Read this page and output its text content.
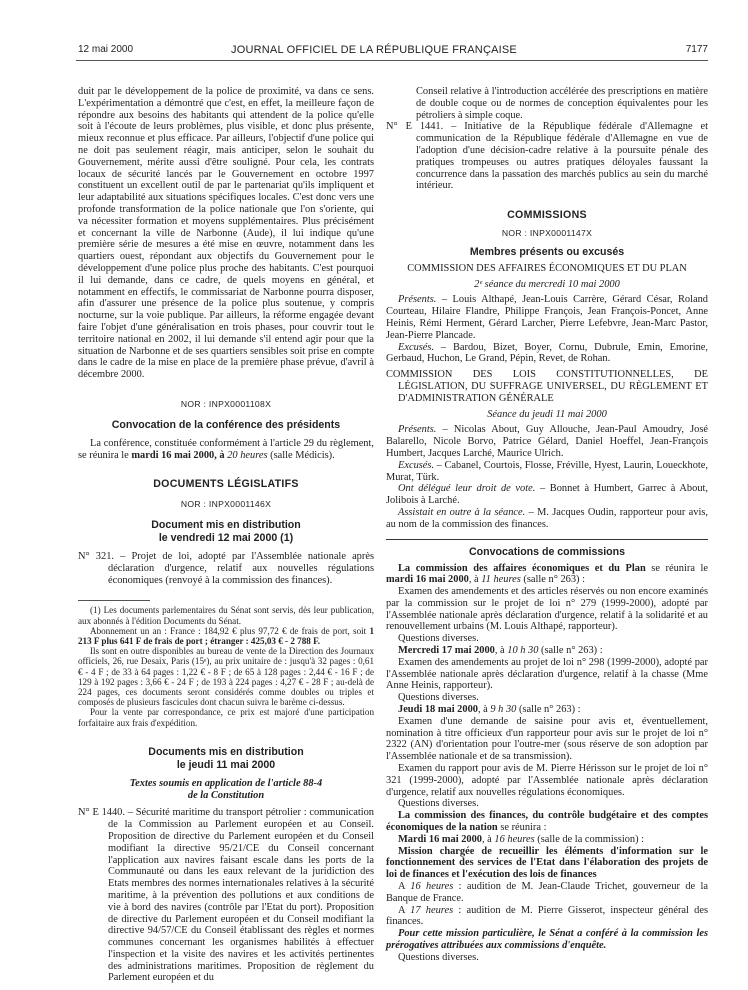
12 mai 2000	JOURNAL OFFICIEL DE LA RÉPUBLIQUE FRANÇAISE	7177

duit par le développement de la police de proximité, va dans ce sens. L'expérimentation a démontré que c'est, en effet, la meilleure façon de répondre aux besoins des habitants qui attendent de la police qu'elle soit à l'écoute de leurs problèmes, plus visible, et donc plus présente, mieux reconnue et plus efficace. Par ailleurs, l'objectif d'une police qui ne doit pas seulement réagir, mais anticiper, selon le souhait du Gouvernement, mérite aussi d'être souligné. Pour cela, les contrats locaux de sécurité lancés par le Gouvernement en octobre 1997 constituent un excellent outil de par le partenariat qu'ils impliquent et leur adaptabilité aux situations spécifiques locales. C'est donc vers une profonde transformation de la police nationale que l'on s'oriente, qui va nécessiter formation et moyens supplémentaires. Plus précisément et concernant la ville de Narbonne (Aude), il lui indique qu'une première série de mesures a été mise en œuvre, notamment dans les quartiers ouest, répondant aux objectifs du Gouvernement pour le développement d'une police plus proche des habitants. C'est pourquoi il lui demande, dans ce cadre, de quels moyens en général, et notamment en effectifs, le commissariat de Narbonne pourra disposer, afin d'assurer une présence de la police plus soutenue, y compris nocturne, sur la voie publique. Par ailleurs, la réforme engagée devant faire l'objet d'une généralisation en trois phases, pour couvrir tout le territoire national en 2002, il lui demande s'il entend agir pour que la situation de Narbonne et de ses quartiers sensibles soit prise en compte dans le cadre de la mise en place de la première phase prévue, d'avril à décembre 2000.

NOR : INPX0001108X

Convocation de la conférence des présidents

La conférence, constituée conformément à l'article 29 du règlement, se réunira le mardi 16 mai 2000, à 20 heures (salle Médicis).

DOCUMENTS LÉGISLATIFS

NOR : INPX0001146X

Document mis en distribution
le vendredi 12 mai 2000 (1)

N° 321. – Projet de loi, adopté par l'Assemblée nationale après déclaration d'urgence, relatif aux nouvelles régulations économiques (renvoyé à la commission des finances).

(1) Les documents parlementaires du Sénat sont servis, dès leur publication, aux abonnés à l'édition Documents du Sénat.

Abonnement un an : France : 184,92 € plus 97,72 € de frais de port, soit 1 213 F plus 641 F de frais de port ; étranger : 425,03 € - 2 788 F.

Ils sont en outre disponibles au bureau de vente de la Direction des Journaux officiels, 26, rue Desaix, Paris (15ᵉ), au prix unitaire de : jusqu'à 32 pages : 0,61 € - 4 F ; de 33 à 64 pages : 1,22 € - 8 F ; de 65 à 128 pages : 2,44 € - 16 F ; de 129 à 192 pages : 3,66 € - 24 F ; de 193 à 224 pages : 4,27 € - 28 F ; au-delà de 224 pages, ces documents seront considérés comme doubles ou triples et composés de plusieurs fascicules dont chacun suivra le barème ci-dessus.

Pour la vente par correspondance, ce prix est majoré d'une participation forfaitaire aux frais d'expédition.

Documents mis en distribution
le jeudi 11 mai 2000

Textes soumis en application de l'article 88-4
de la Constitution

N° E 1440. – Sécurité maritime du transport pétrolier : communication de la Commission au Parlement européen et au Conseil. Proposition de directive du Parlement européen et du Conseil modifiant la directive 95/21/CE du Conseil concernant l'application aux navires faisant escale dans les ports de la Communauté ou dans les eaux relevant de la juridiction des Etats membres des normes internationales relatives à la sécurité maritime, à la prévention des pollutions et aux conditions de vie à bord des navires (contrôle par l'Etat du port). Proposition de directive du Parlement européen et du Conseil modifiant la directive 94/57/CE du Conseil établissant des règles et normes communes concernant les organismes habilités à effectuer l'inspection et la visite des navires et les activités pertinentes des administrations maritimes. Proposition de règlement du Parlement européen et du

Conseil relative à l'introduction accélérée des prescriptions en matière de double coque ou de normes de conception équivalentes pour les pétroliers à simple coque.

N° E 1441. – Initiative de la République fédérale d'Allemagne et communication de la République fédérale d'Allemagne en vue de l'adoption d'une décision-cadre relative à la poursuite pénale des pratiques trompeuses ou autres pratiques déloyales faussant la concurrence dans la passation des marchés publics au sein du marché intérieur.

COMMISSIONS

NOR : INPX0001147X

Membres présents ou excusés

COMMISSION DES AFFAIRES ÉCONOMIQUES ET DU PLAN

2ᵉ séance du mercredi 10 mai 2000

Présents. – Louis Althapé, Jean-Louis Carrère, Gérard César, Roland Courteau, Hilaire Flandre, Philippe François, Jean François-Poncet, Anne Heinis, Rémi Herment, Gérard Larcher, Pierre Lefebvre, Jean-Marc Pastor, Jean-Pierre Plancade.

Excusés. – Bardou, Bizet, Boyer, Cornu, Dubrule, Emin, Emorine, Gerbaud, Huchon, Le Grand, Pépin, Revet, de Rohan.

COMMISSION DES LOIS CONSTITUTIONNELLES, DE LÉGISLATION, DU SUFFRAGE UNIVERSEL, DU RÈGLEMENT ET D'ADMINISTRATION GÉNÉRALE

Séance du jeudi 11 mai 2000

Présents. – Nicolas About, Guy Allouche, Jean-Paul Amoudry, José Balarello, Nicole Borvo, Patrice Gélard, Daniel Hoeffel, Jean-François Humbert, Jacques Larché, Maurice Ulrich.

Excusés. – Cabanel, Courtois, Flosse, Fréville, Hyest, Laurin, Loueckhote, Murat, Türk.

Ont délégué leur droit de vote. – Bonnet à Humbert, Garrec à About, Jolibois à Larché.

Assistait en outre à la séance. – M. Jacques Oudin, rapporteur pour avis, au nom de la commission des finances.

Convocations de commissions

La commission des affaires économiques et du Plan se réunira le mardi 16 mai 2000, à 11 heures (salle n° 263) :

Examen des amendements et des articles réservés ou non encore examinés par la commission sur le projet de loi n° 279 (1999-2000), adopté par l'Assemblée nationale après déclaration d'urgence, relatif à la solidarité et au renouvellement urbains (M. Louis Althapé, rapporteur).

Questions diverses.

Mercredi 17 mai 2000, à 10 h 30 (salle n° 263) :

Examen des amendements au projet de loi n° 298 (1999-2000), adopté par l'Assemblée nationale après déclaration d'urgence, relatif à la chasse (Mme Anne Heinis, rapporteur).

Questions diverses.

Jeudi 18 mai 2000, à 9 h 30 (salle n° 263) :

Examen d'une demande de saisine pour avis et, éventuellement, nomination à titre officieux d'un rapporteur pour avis sur le projet de loi n° 2322 (AN) d'orientation pour l'outre-mer (sous réserve de son adoption par l'Assemblée nationale et de sa transmission).

Examen du rapport pour avis de M. Pierre Hérisson sur le projet de loi n° 321 (1999-2000), adopté par l'Assemblée nationale après déclaration d'urgence, relatif aux nouvelles régulations économiques.

Questions diverses.

La commission des finances, du contrôle budgétaire et des comptes économiques de la nation se réunira :

Mardi 16 mai 2000, à 16 heures (salle de la commission) :

Mission chargée de recueillir les éléments d'information sur le fonctionnement des services de l'Etat dans l'élaboration des projets de loi de finances et l'exécution des lois de finances

A 16 heures : audition de M. Jean-Claude Trichet, gouverneur de la Banque de France.

A 17 heures : audition de M. Pierre Gisserot, inspecteur général des finances.

Pour cette mission particulière, le Sénat a conféré à la commission les prérogatives attribuées aux commissions d'enquête.

Questions diverses.
